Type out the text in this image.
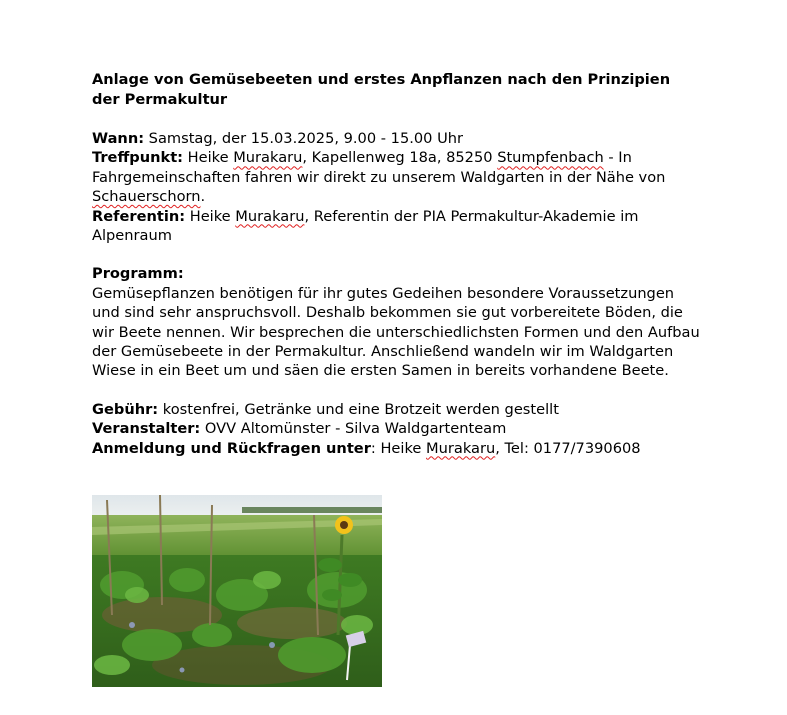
Anlage von Gemüsebeeten und erstes Anpflanzen nach den Prinzipien der Permakultur

Wann: Samstag, der 15.03.2025, 9.00 - 15.00 Uhr

Treffpunkt: Heike Murakaru, Kapellenweg 18a, 85250 Stumpfenbach - In Fahrgemeinschaften fahren wir direkt zu unserem Waldgarten in der Nähe von Schauerschorn.

Referentin: Heike Murakaru, Referentin der PIA Permakultur-Akademie im Alpenraum

Programm:

Gemüsepflanzen benötigen für ihr gutes Gedeihen besondere Voraussetzungen und sind sehr anspruchsvoll. Deshalb bekommen sie gut vorbereitete Böden, die wir Beete nennen. Wir besprechen die unterschiedlichsten Formen und den Aufbau der Gemüsebeete in der Permakultur. Anschließend wandeln wir im Waldgarten Wiese in ein Beet um und säen die ersten Samen in bereits vorhandene Beete.

Gebühr: kostenfrei, Getränke und eine Brotzeit werden gestellt

Veranstalter: OVV Altomünster - Silva Waldgartenteam

Anmeldung und Rückfragen unter: Heike Murakaru, Tel: 0177/7390608
